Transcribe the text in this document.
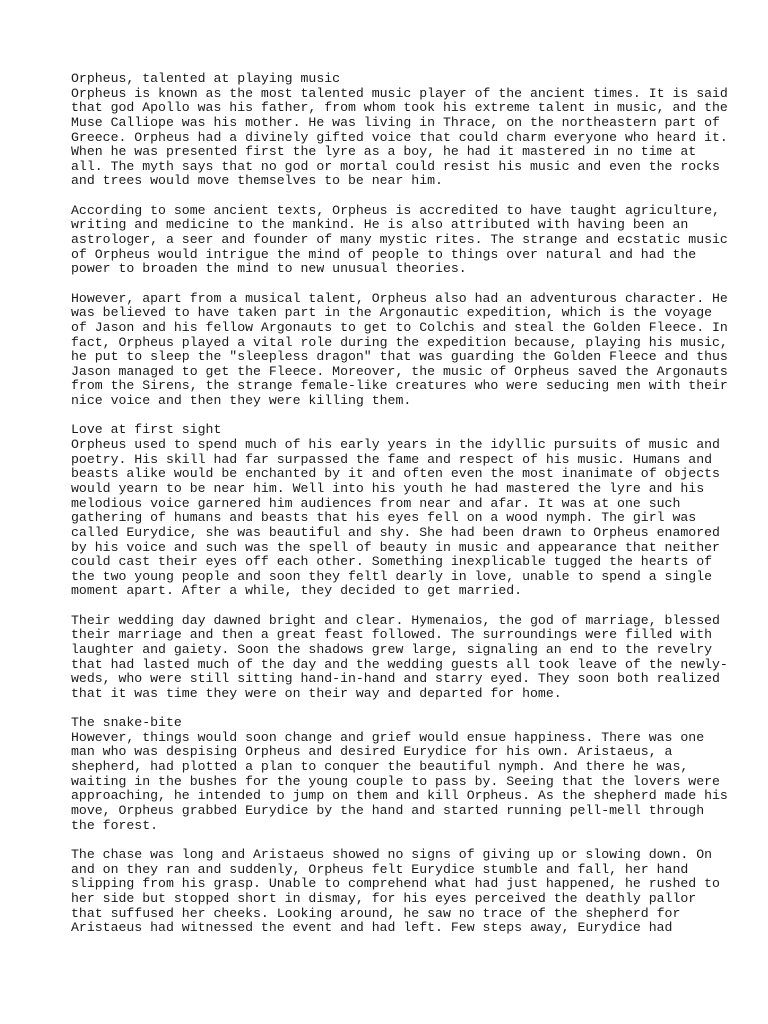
Orpheus, talented at playing music
Orpheus is known as the most talented music player of the ancient times. It is said
that god Apollo was his father, from whom took his extreme talent in music, and the
Muse Calliope was his mother. He was living in Thrace, on the northeastern part of
Greece. Orpheus had a divinely gifted voice that could charm everyone who heard it.
When he was presented first the lyre as a boy, he had it mastered in no time at
all. The myth says that no god or mortal could resist his music and even the rocks
and trees would move themselves to be near him.
According to some ancient texts, Orpheus is accredited to have taught agriculture,
writing and medicine to the mankind. He is also attributed with having been an
astrologer, a seer and founder of many mystic rites. The strange and ecstatic music
of Orpheus would intrigue the mind of people to things over natural and had the
power to broaden the mind to new unusual theories.
However, apart from a musical talent, Orpheus also had an adventurous character. He
was believed to have taken part in the Argonautic expedition, which is the voyage
of Jason and his fellow Argonauts to get to Colchis and steal the Golden Fleece. In
fact, Orpheus played a vital role during the expedition because, playing his music,
he put to sleep the "sleepless dragon" that was guarding the Golden Fleece and thus
Jason managed to get the Fleece. Moreover, the music of Orpheus saved the Argonauts
from the Sirens, the strange female-like creatures who were seducing men with their
nice voice and then they were killing them.
Love at first sight
Orpheus used to spend much of his early years in the idyllic pursuits of music and
poetry. His skill had far surpassed the fame and respect of his music. Humans and
beasts alike would be enchanted by it and often even the most inanimate of objects
would yearn to be near him. Well into his youth he had mastered the lyre and his
melodious voice garnered him audiences from near and afar. It was at one such
gathering of humans and beasts that his eyes fell on a wood nymph. The girl was
called Eurydice, she was beautiful and shy. She had been drawn to Orpheus enamored
by his voice and such was the spell of beauty in music and appearance that neither
could cast their eyes off each other. Something inexplicable tugged the hearts of
the two young people and soon they feltl dearly in love, unable to spend a single
moment apart. After a while, they decided to get married.
Their wedding day dawned bright and clear. Hymenaios, the god of marriage, blessed
their marriage and then a great feast followed. The surroundings were filled with
laughter and gaiety. Soon the shadows grew large, signaling an end to the revelry
that had lasted much of the day and the wedding guests all took leave of the newly-
weds, who were still sitting hand-in-hand and starry eyed. They soon both realized
that it was time they were on their way and departed for home.
The snake-bite
However, things would soon change and grief would ensue happiness. There was one
man who was despising Orpheus and desired Eurydice for his own. Aristaeus, a
shepherd, had plotted a plan to conquer the beautiful nymph. And there he was,
waiting in the bushes for the young couple to pass by. Seeing that the lovers were
approaching, he intended to jump on them and kill Orpheus. As the shepherd made his
move, Orpheus grabbed Eurydice by the hand and started running pell-mell through
the forest.
The chase was long and Aristaeus showed no signs of giving up or slowing down. On
and on they ran and suddenly, Orpheus felt Eurydice stumble and fall, her hand
slipping from his grasp. Unable to comprehend what had just happened, he rushed to
her side but stopped short in dismay, for his eyes perceived the deathly pallor
that suffused her cheeks. Looking around, he saw no trace of the shepherd for
Aristaeus had witnessed the event and had left. Few steps away, Eurydice had
